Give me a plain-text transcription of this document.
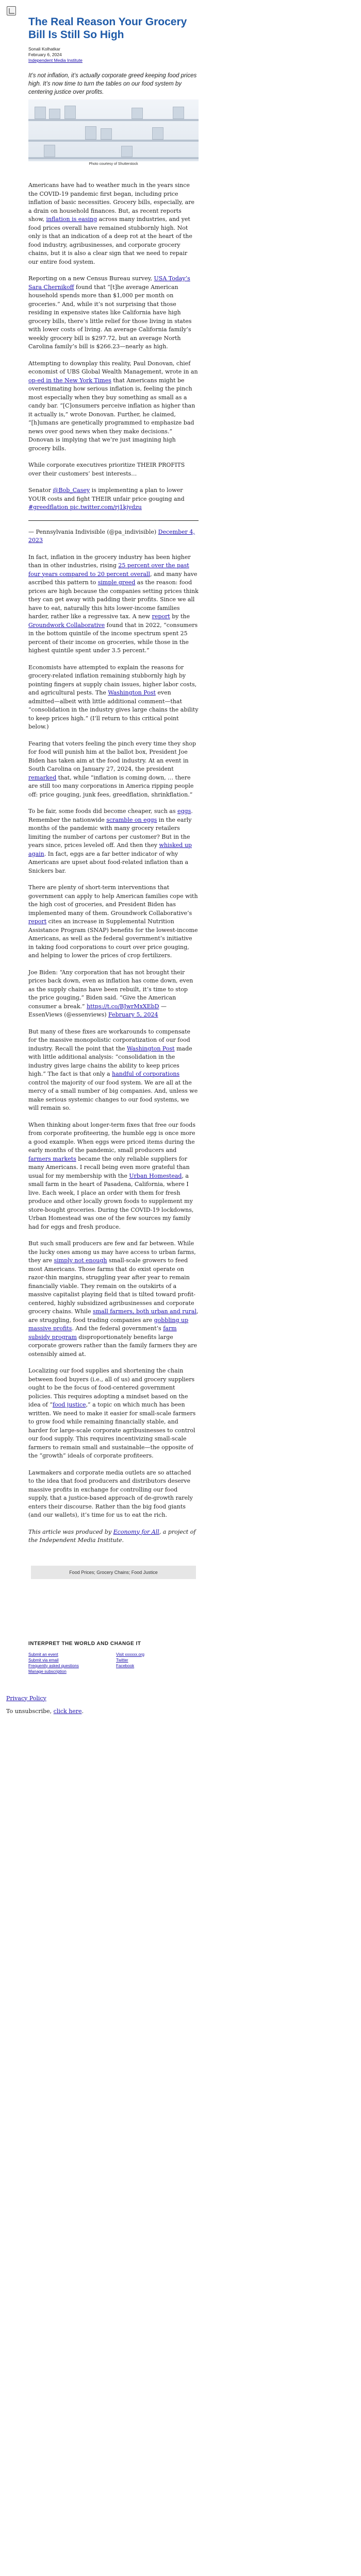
The Real Reason Your Grocery Bill Is Still So High
Sonali Kolhatkar
February 6, 2024
Independent Media Institute

It’s not inflation, it’s actually corporate greed keeping food prices high. It’s now time to turn the tables on our food system by centering justice over profits.

Photo courtesy of Shutterstock

Americans have had to weather much in the years since the COVID-19 pandemic first began, including price inflation of basic necessities. Grocery bills, especially, are a drain on household finances. But, as recent reports show, inflation is easing across many industries, and yet food prices overall have remained stubbornly high. Not only is that an indication of a deep rot at the heart of the food industry, agribusinesses, and corporate grocery chains, but it is also a clear sign that we need to repair our entire food system.

Reporting on a new Census Bureau survey, USA Today’s Sara Chernikoff found that “[t]he average American household spends more than $1,000 per month on groceries.” And, while it’s not surprising that those residing in expensive states like California have high grocery bills, there’s little relief for those living in states with lower costs of living. An average California family’s weekly grocery bill is $297.72, but an average North Carolina family’s bill is $266.23—nearly as high.

Attempting to downplay this reality, Paul Donovan, chief economist of UBS Global Wealth Management, wrote in an op-ed in the New York Times that Americans might be overestimating how serious inflation is, feeling the pinch most especially when they buy something as small as a candy bar. “[C]onsumers perceive inflation as higher than it actually is,” wrote Donovan. Further, he claimed, “[h]umans are genetically programmed to emphasize bad news over good news when they make decisions.” Donovan is implying that we’re just imagining high grocery bills.

While corporate executives prioritize THEIR PROFITS over their customers’ best interests…

Senator @Bob_Casey is implementing a plan to lower YOUR costs and fight THEIR unfair price gouging and #greedflation pic.twitter.com/rj1kjydzu

— Pennsylvania Indivisible (@pa_indivisible) December 4, 2023

In fact, inflation in the grocery industry has been higher than in other industries, rising 25 percent over the past four years compared to 20 percent overall, and many have ascribed this pattern to simple greed as the reason: food prices are high because the companies setting prices think they can get away with padding their profits. Since we all have to eat, naturally this hits lower-income families harder, rather like a regressive tax. A new report by the Groundwork Collaborative found that in 2022, “consumers in the bottom quintile of the income spectrum spent 25 percent of their income on groceries, while those in the highest quintile spent under 3.5 percent.”

Economists have attempted to explain the reasons for grocery-related inflation remaining stubbornly high by pointing fingers at supply chain issues, higher labor costs, and agricultural pests. The Washington Post even admitted—albeit with little additional comment—that “consolidation in the industry gives large chains the ability to keep prices high.” (I’ll return to this critical point below.)

Fearing that voters feeling the pinch every time they shop for food will punish him at the ballot box, President Joe Biden has taken aim at the food industry. At an event in South Carolina on January 27, 2024, the president remarked that, while “inflation is coming down, … there are still too many corporations in America ripping people off: price gouging, junk fees, greedflation, shrinkflation.”

To be fair, some foods did become cheaper, such as eggs. Remember the nationwide scramble on eggs in the early months of the pandemic with many grocery retailers limiting the number of cartons per customer? But in the years since, prices leveled off. And then they whisked up again. In fact, eggs are a far better indicator of why Americans are upset about food-related inflation than a Snickers bar.

There are plenty of short-term interventions that government can apply to help American families cope with the high cost of groceries, and President Biden has implemented many of them. Groundwork Collaborative’s report cites an increase in Supplemental Nutrition Assistance Program (SNAP) benefits for the lowest-income Americans, as well as the federal government’s initiative in taking food corporations to court over price gouging, and helping to lower the prices of crop fertilizers.

Joe Biden: “Any corporation that has not brought their prices back down, even as inflation has come down, even as the supply chains have been rebuilt, it’s time to stop the price gouging,” Biden said. “Give the American consumer a break.” https://t.co/BJwrMxXEbD — EssenViews (@essenviews) February 5, 2024

But many of these fixes are workarounds to compensate for the massive monopolistic corporatization of our food industry. Recall the point that the Washington Post made with little additional analysis: “consolidation in the industry gives large chains the ability to keep prices high.” The fact is that only a handful of corporations control the majority of our food system. We are all at the mercy of a small number of big companies. And, unless we make serious systemic changes to our food systems, we will remain so.

When thinking about longer-term fixes that free our foods from corporate profiteering, the humble egg is once more a good example. When eggs were priced items during the early months of the pandemic, small producers and farmers markets became the only reliable suppliers for many Americans. I recall being even more grateful than usual for my membership with the Urban Homestead, a small farm in the heart of Pasadena, California, where I live. Each week, I place an order with them for fresh produce and other locally grown foods to supplement my store-bought groceries. During the COVID-19 lockdowns, Urban Homestead was one of the few sources my family had for eggs and fresh produce.

But such small producers are few and far between. While the lucky ones among us may have access to urban farms, they are simply not enough small-scale growers to feed most Americans. Those farms that do exist operate on razor-thin margins, struggling year after year to remain financially viable. They remain on the outskirts of a massive capitalist playing field that is tilted toward profit-centered, highly subsidized agribusinesses and corporate grocery chains. While small farmers, both urban and rural, are struggling, food trading companies are gobbling up massive profits. And the federal government’s farm subsidy program disproportionately benefits large corporate growers rather than the family farmers they are ostensibly aimed at.

Localizing our food supplies and shortening the chain between food buyers (i.e., all of us) and grocery suppliers ought to be the focus of food-centered government policies. This requires adopting a mindset based on the idea of “food justice,” a topic on which much has been written. We need to make it easier for small-scale farmers to grow food while remaining financially stable, and harder for large-scale corporate agribusinesses to control our food supply. This requires incentivizing small-scale farmers to remain small and sustainable—the opposite of the “growth” ideals of corporate profiteers.

Lawmakers and corporate media outlets are so attached to the idea that food producers and distributors deserve massive profits in exchange for controlling our food supply, that a justice-based approach of de-growth rarely enters their discourse. Rather than the big food giants (and our wallets), it’s time for us to eat the rich.

This article was produced by Economy for All, a project of the Independent Media Institute.

Food Prices; Grocery Chains; Food Justice
INTERPRET THE WORLD AND CHANGE IT
Submit an event
Submit via email
Frequently asked questions
Manage subscription
Visit xxxxxx.org
Twitter
Facebook
Privacy Policy
To unsubscribe, click here.
